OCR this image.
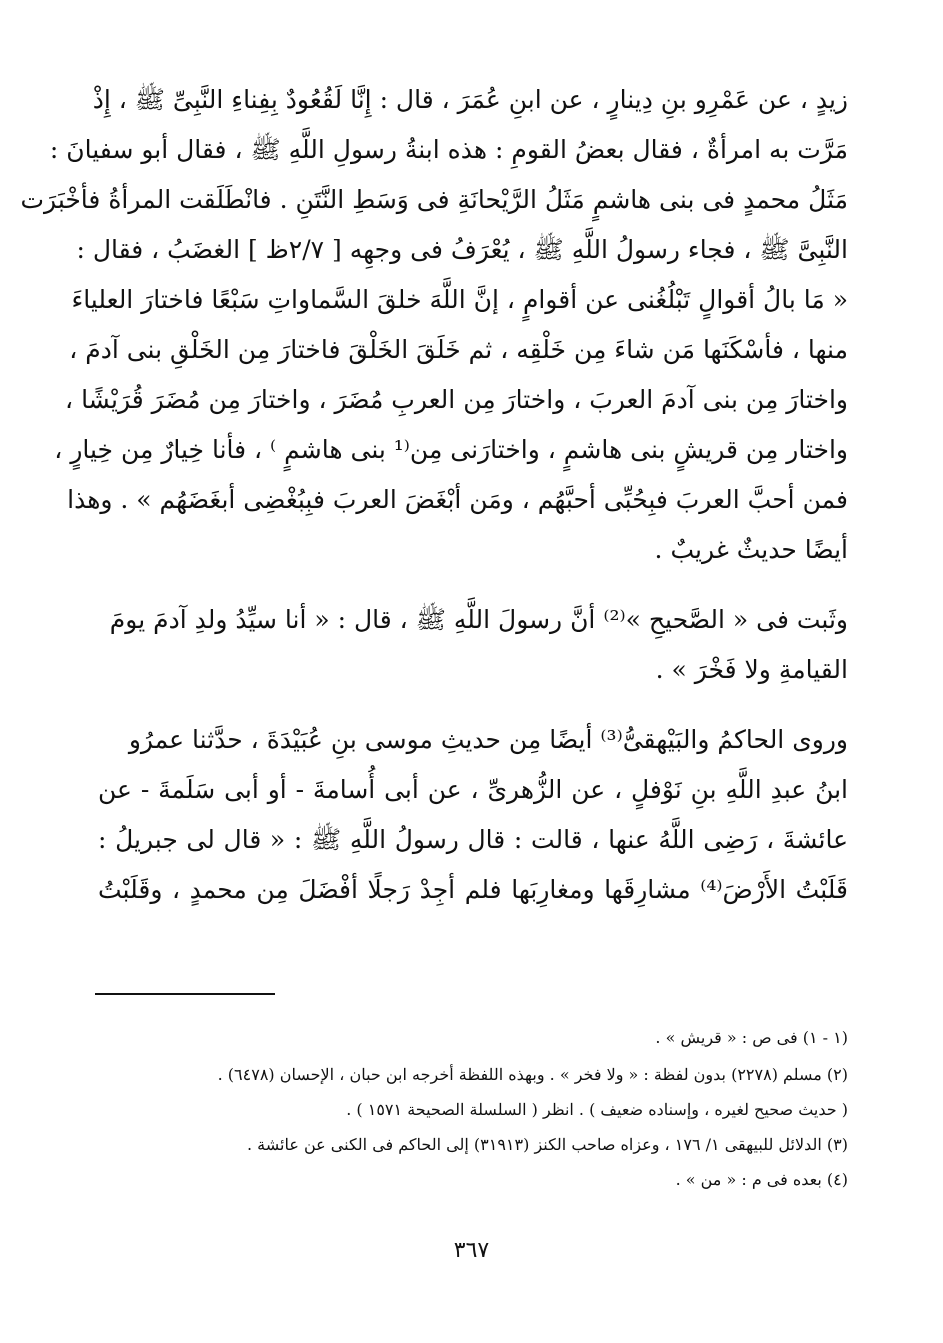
زيدٍ ، عن عَمْرِو بنِ دِينارٍ ، عن ابنِ عُمَرَ ، قال : إِنَّا لَقُعُودٌ بِفِناءِ النَّبِىِّ ﷺ ، إِذْ
مَرَّت به امرأةٌ ، فقال بعضُ القومِ : هذه ابنةُ رسولِ اللَّهِ ﷺ ، فقال أبو سفيانَ :
مَثَلُ محمدٍ فى بنى هاشمٍ مَثَلُ الرَّيْحانَةِ فى وَسَطِ النَّتَنِ . فانْطَلَقت المرأةُ فأخْبَرَت
النَّبِىَّ ﷺ ، فجاء رسولُ اللَّهِ ﷺ ، يُعْرَفُ فى وجهِه [ ٢/٧ظ ] الغضَبُ ، فقال :
« مَا بالُ أقوالٍ تَبْلُغُنى عن أقوامٍ ، إنَّ اللَّهَ خلقَ السَّماواتِ سَبْعًا فاختارَ العلياءَ
منها ، فأسْكَنَها مَن شاءَ مِن خَلْقِه ، ثم خَلَقَ الخَلْقَ فاختارَ مِن الخَلْقِ بنى آدمَ ،
واختارَ مِن بنى آدمَ العربَ ، واختارَ مِن العربِ مُضَرَ ، واختارَ مِن مُضَرَ قُرَيْشًا ،
واختار مِن قريشٍ بنى هاشمٍ ، واختارَنى مِن⁽¹ بنى هاشمٍ ⁾ ، فأنا خِيارٌ مِن خِيارٍ ،
فمن أحبَّ العربَ فبِحُبِّى أحبَّهُم ، ومَن أبْغَضَ العربَ فبِبُغْضِى أبغَضَهُم » . وهذا
أيضًا حديثٌ غريبٌ .
وثَبت فى « الصَّحيحِ »⁽²⁾ أنَّ رسولَ اللَّهِ ﷺ ، قال : « أنا سيِّدُ ولدِ آدمَ يومَ
القيامةِ ولا فَخْرَ » .
وروى الحاكمُ والبَيْهقىُّ⁽³⁾ أيضًا مِن حديثِ موسى بنِ عُبَيْدَةَ ، حدَّثنا عمرُو
ابنُ عبدِ اللَّهِ بنِ نَوْفلٍ ، عن الزُّهرىِّ ، عن أبى أُسامةَ - أو أبى سَلَمةَ - عن
عائشةَ ، رَضِى اللَّهُ عنها ، قالت : قال رسولُ اللَّهِ ﷺ : « قال لى جبريلُ :
قَلَبْتُ الأَرْضَ⁽⁴⁾ مشارِقَها ومغارِبَها فلم أجِدْ رَجلًا أفْضَلَ مِن محمدٍ ، وقَلَبْتُ
(١ - ١) فى ص : « قريش » .
(٢) مسلم (٢٢٧٨) بدون لفظة : « ولا فخر » . وبهذه اللفظة أخرجه ابن حبان ، الإحسان (٦٤٧٨) .
( حديث صحيح لغيره ، وإسناده ضعيف ) . انظر ( السلسلة الصحيحة ١٥٧١ ) .
(٣) الدلائل للبيهقى ١/ ١٧٦ ، وعزاه صاحب الكنز (٣١٩١٣) إلى الحاكم فى الكنى عن عائشة .
(٤) بعده فى م : « من » .
٣٦٧
